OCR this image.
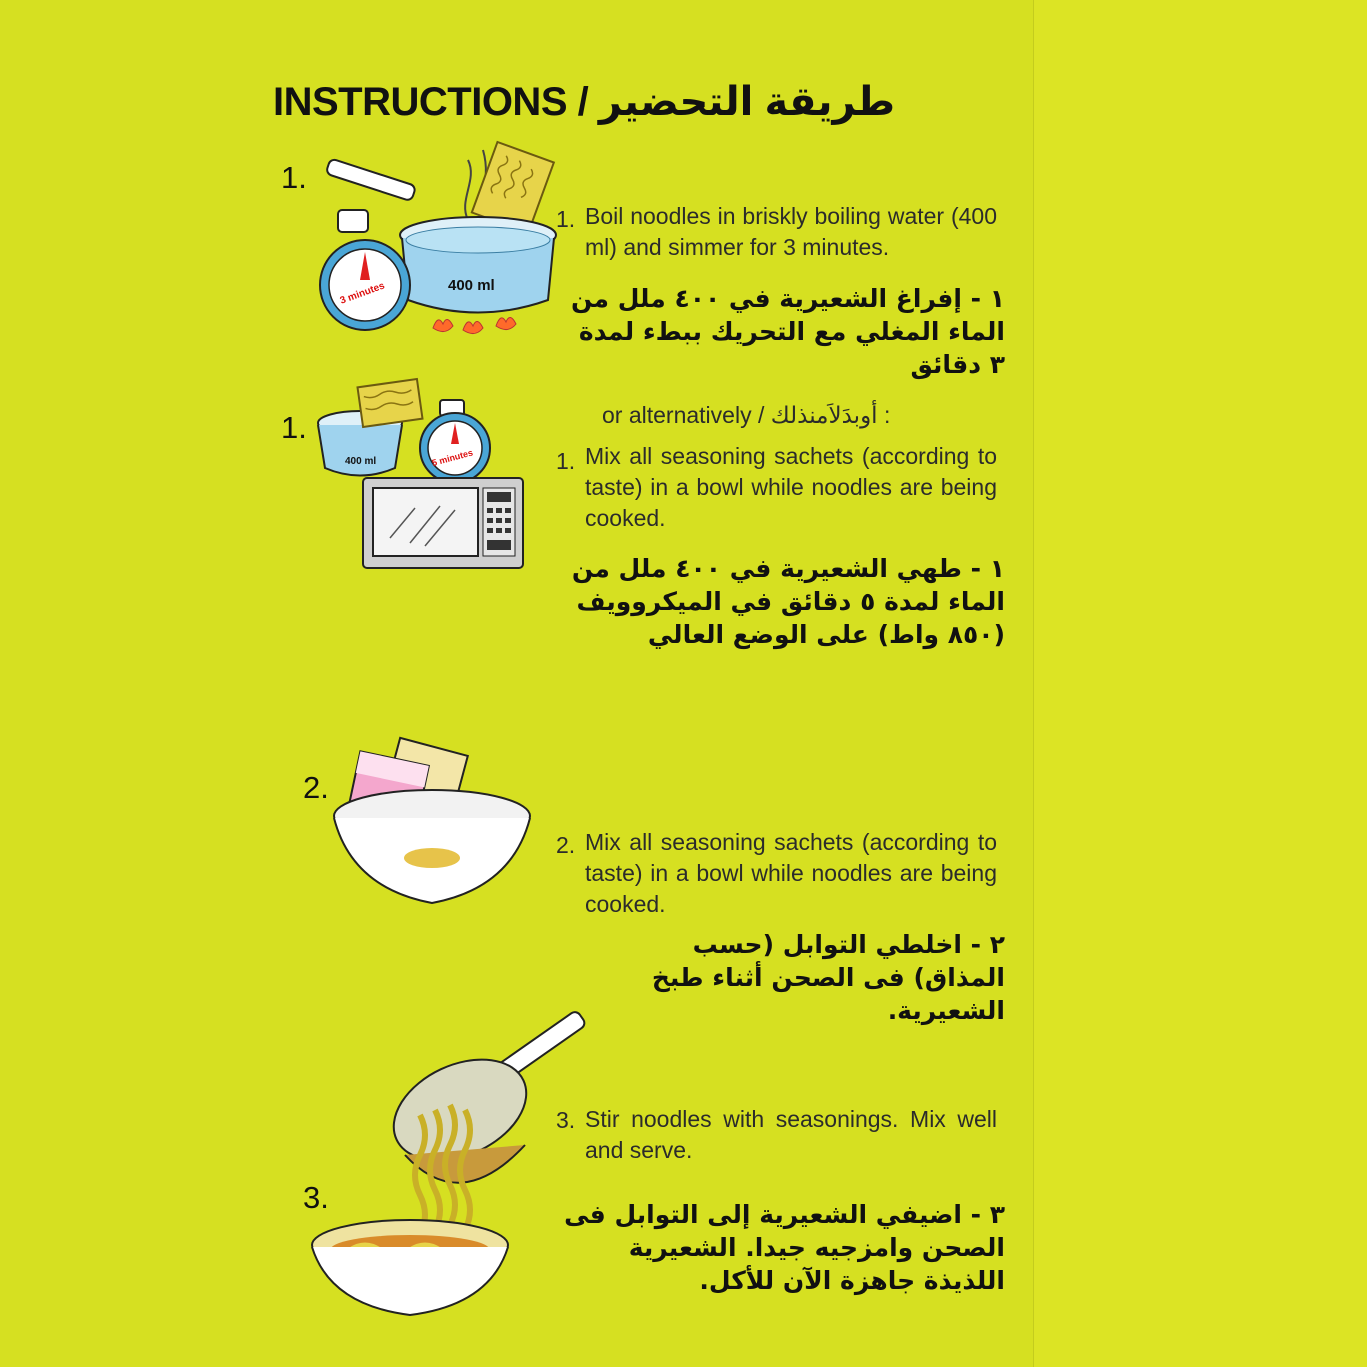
INSTRUCTIONS / طريقة التحضير
1.
400 ml
3 minutes
1. Boil noodles in briskly boiling water (400 ml) and simmer for 3 minutes.
١ - إفراغ الشعيرية في ٤٠٠ ملل من الماء المغلي مع التحريك ببطء لمدة ٣ دقائق
1.	or alternatively / أوبدَلاَمنذلك :
400 ml	5 minutes	1. Mix all seasoning sachets (according to taste) in a bowl while noodles are being cooked.
١ - طهي الشعيرية في ٤٠٠ ملل من الماء لمدة ٥ دقائق في الميكروويف (٨٥٠ واط) على الوضع العالي
2.
2. Mix all seasoning sachets (according to taste) in a bowl while noodles are being cooked.
٢ - اخلطي التوابل (حسب المذاق) فى الصحن أثناء طبخ الشعيرية.
3.
3. Stir noodles with seasonings. Mix well and serve.
٣ - اضيفي الشعيرية إلى التوابل فى الصحن وامزجيه جيدا. الشعيرية اللذيذة جاهزة الآن للأكل.
